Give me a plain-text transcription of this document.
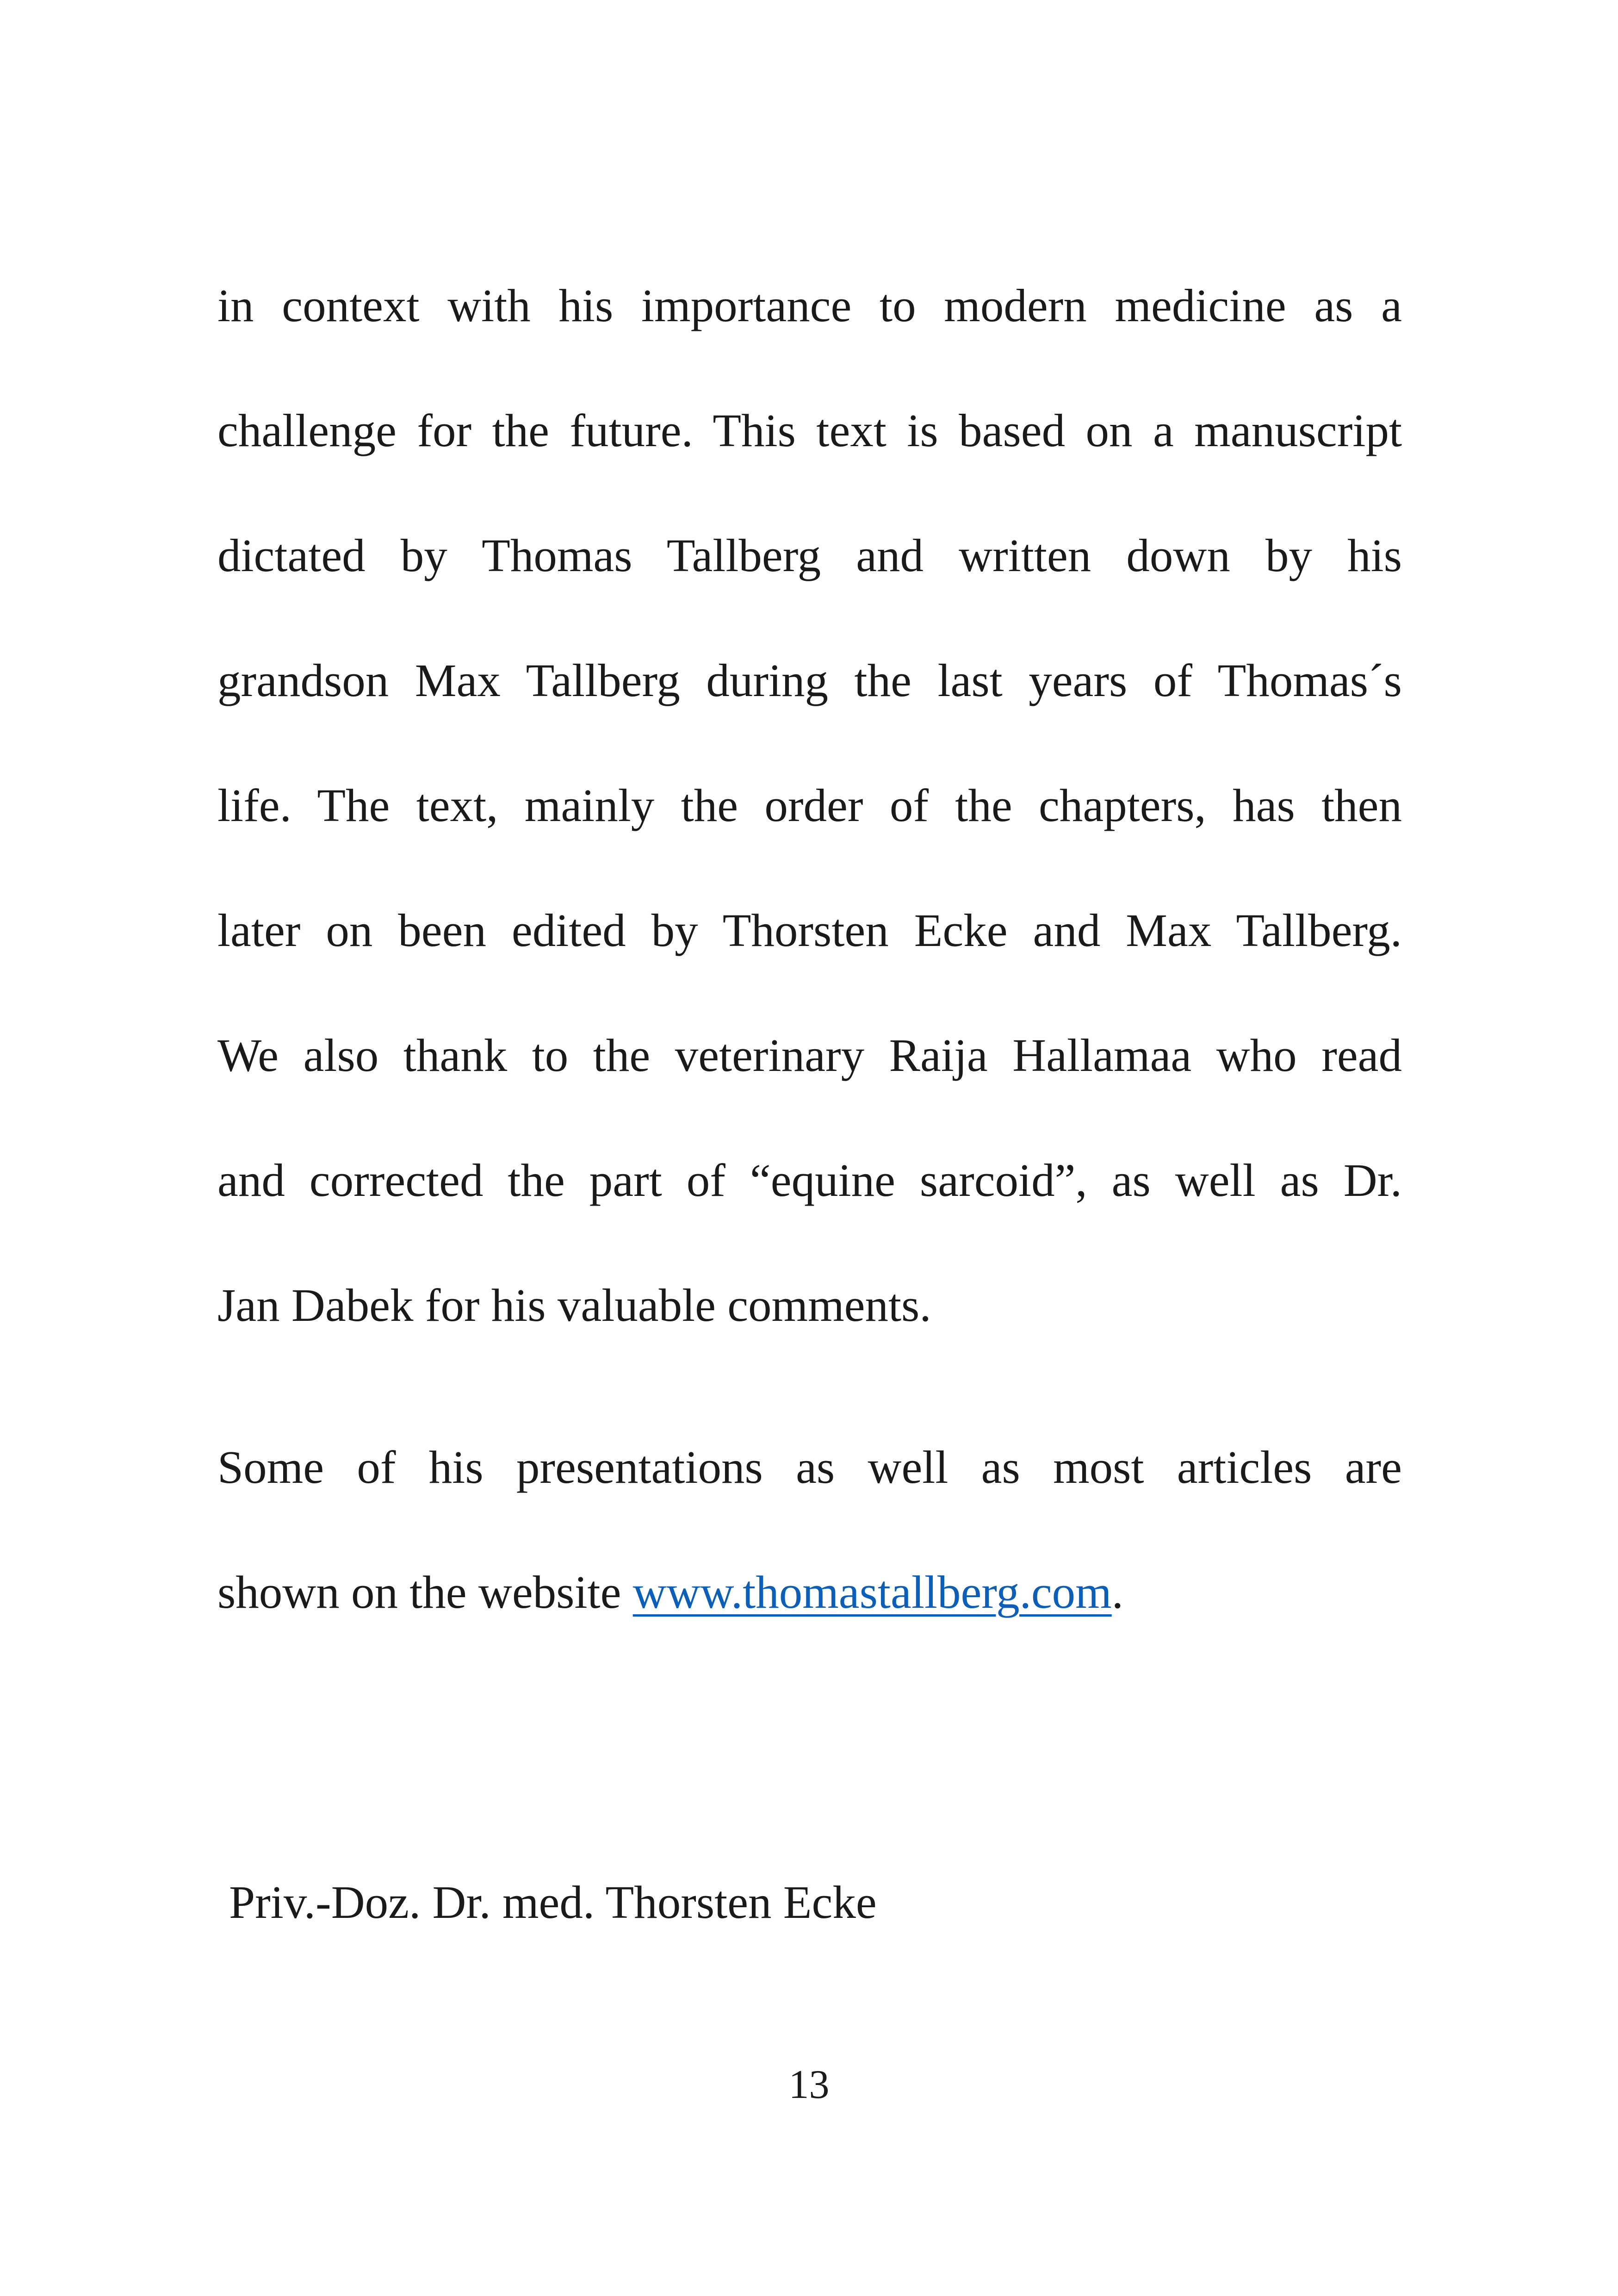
in context with his importance to modern medicine as a
challenge for the future. This text is based on a manuscript
dictated by Thomas Tallberg and written down by his
grandson Max Tallberg during the last years of Thomas´s
life. The text, mainly the order of the chapters, has then
later on been edited by Thorsten Ecke and Max Tallberg.
We also thank to the veterinary Raija Hallamaa who read
and corrected the part of “equine sarcoid”, as well as Dr.
Jan Dabek for his valuable comments.
Some of his presentations as well as most articles are
shown on the website www.thomastallberg.com.
Priv.-Doz. Dr. med. Thorsten Ecke
13
